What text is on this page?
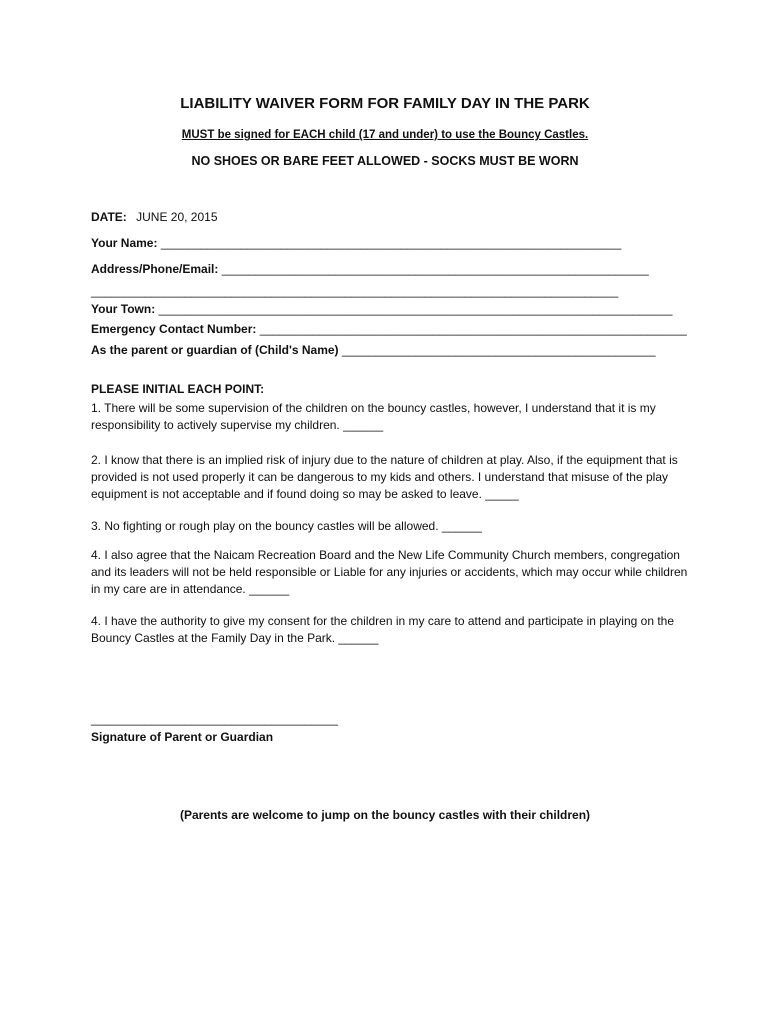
LIABILITY WAIVER FORM FOR FAMILY DAY IN THE PARK
MUST be signed for EACH child (17 and under) to use the Bouncy Castles.
NO SHOES OR BARE FEET ALLOWED - SOCKS MUST BE WORN
DATE: JUNE 20, 2015
Your Name: _____________________________________________________________________
Address/Phone/Email: ________________________________________________________________
_______________________________________________________________________________
Your Town: _____________________________________________________________________________
Emergency Contact Number: ________________________________________________________________
As the parent or guardian of (Child's Name) _______________________________________________
PLEASE INITIAL EACH POINT:
1. There will be some supervision of the children on the bouncy castles, however, I understand that it is my responsibility to actively supervise my children. ______
2. I know that there is an implied risk of injury due to the nature of children at play. Also, if the equipment that is provided is not used properly it can be dangerous to my kids and others. I understand that misuse of the play equipment is not acceptable and if found doing so may be asked to leave. _____
3. No fighting or rough play on the bouncy castles will be allowed. ______
4. I also agree that the Naicam Recreation Board and the New Life Community Church members, congregation and its leaders will not be held responsible or Liable for any injuries or accidents, which may occur while children in my care are in attendance. ______
4. I have the authority to give my consent for the children in my care to attend and participate in playing on the Bouncy Castles at the Family Day in the Park. ______
_____________________________________
Signature of Parent or Guardian
(Parents are welcome to jump on the bouncy castles with their children)
